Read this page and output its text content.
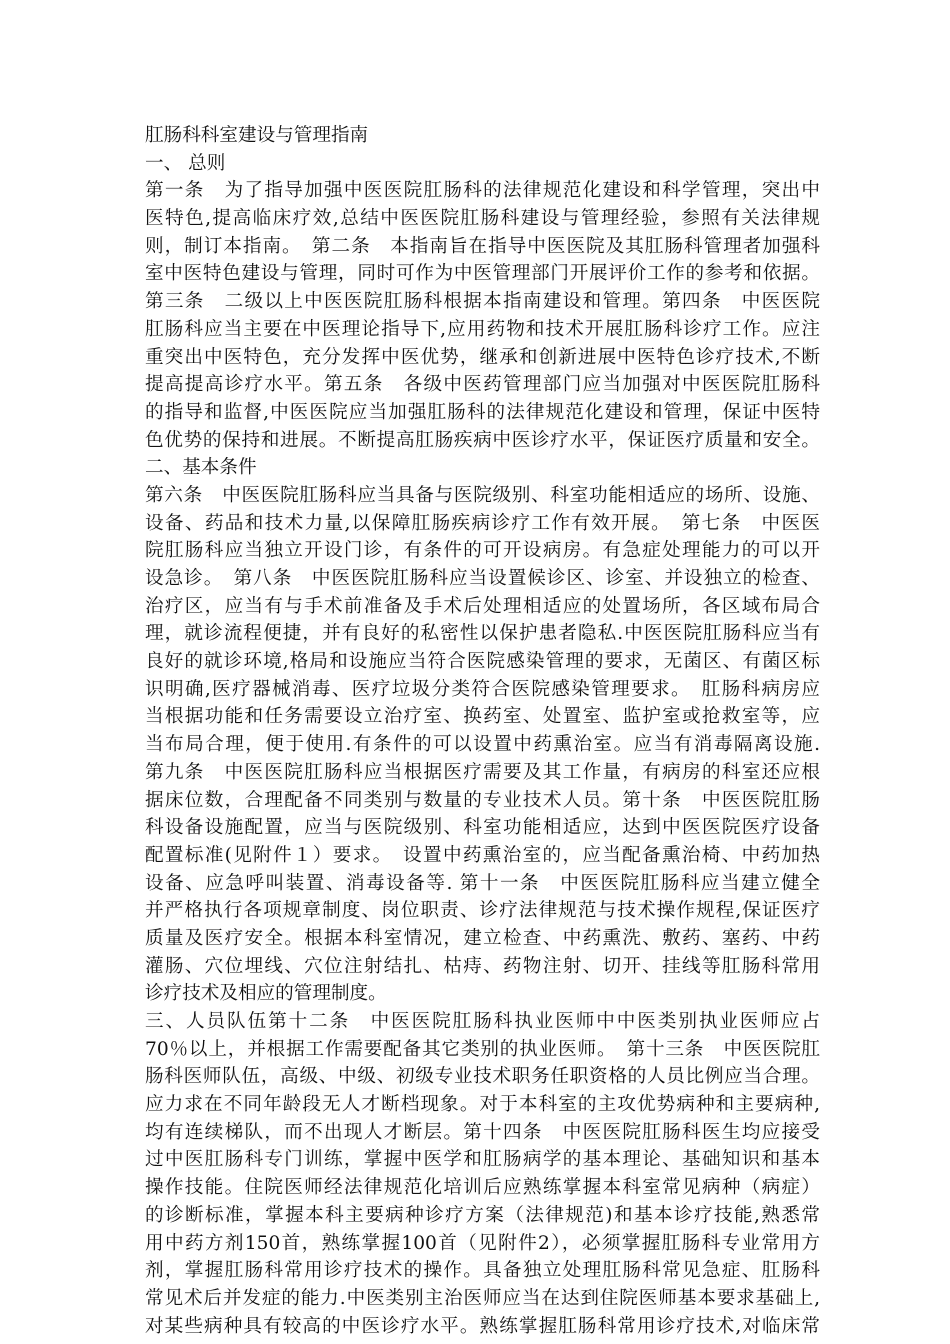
肛肠科科室建设与管理指南
一、 总则
第一条　为了指导加强中医医院肛肠科的法律规范化建设和科学管理，突出中
医特色,提高临床疗效,总结中医医院肛肠科建设与管理经验，参照有关法律规
则，制订本指南。　第二条　本指南旨在指导中医医院及其肛肠科管理者加强科
室中医特色建设与管理，同时可作为中医管理部门开展评价工作的参考和依据。
第三条　二级以上中医医院肛肠科根据本指南建设和管理。第四条　中医医院
肛肠科应当主要在中医理论指导下,应用药物和技术开展肛肠科诊疗工作。应注
重突出中医特色，充分发挥中医优势，继承和创新进展中医特色诊疗技术,不断
提高提高诊疗水平。第五条　各级中医药管理部门应当加强对中医医院肛肠科
的指导和监督,中医医院应当加强肛肠科的法律规范化建设和管理，保证中医特
色优势的保持和进展。不断提高肛肠疾病中医诊疗水平，保证医疗质量和安全。
二、基本条件
第六条　中医医院肛肠科应当具备与医院级别、科室功能相适应的场所、设施、
设备、药品和技术力量,以保障肛肠疾病诊疗工作有效开展。　第七条　中医医
院肛肠科应当独立开设门诊，有条件的可开设病房。有急症处理能力的可以开
设急诊。　第八条　中医医院肛肠科应当设置候诊区、诊室、并设独立的检查、
治疗区，应当有与手术前准备及手术后处理相适应的处置场所，各区域布局合
理，就诊流程便捷，并有良好的私密性以保护患者隐私.中医医院肛肠科应当有
良好的就诊环境,格局和设施应当符合医院感染管理的要求，无菌区、有菌区标
识明确,医疗器械消毒、医疗垃圾分类符合医院感染管理要求。　肛肠科病房应
当根据功能和任务需要设立治疗室、换药室、处置室、监护室或抢救室等，应
当布局合理，便于使用.有条件的可以设置中药熏治室。应当有消毒隔离设施.
第九条　中医医院肛肠科应当根据医疗需要及其工作量，有病房的科室还应根
据床位数，合理配备不同类别与数量的专业技术人员。第十条　中医医院肛肠
科设备设施配置，应当与医院级别、科室功能相适应，达到中医医院医疗设备
配置标准(见附件１）要求。　设置中药熏治室的，应当配备熏治椅、中药加热
设备、应急呼叫装置、消毒设备等. 第十一条　中医医院肛肠科应当建立健全
并严格执行各项规章制度、岗位职责、诊疗法律规范与技术操作规程,保证医疗
质量及医疗安全。根据本科室情况，建立检查、中药熏洗、敷药、塞药、中药
灌肠、穴位埋线、穴位注射结扎、枯痔、药物注射、切开、挂线等肛肠科常用
诊疗技术及相应的管理制度。
三、人员队伍第十二条　中医医院肛肠科执业医师中中医类别执业医师应占
70％以上，并根据工作需要配备其它类别的执业医师。　第十三条　中医医院肛
肠科医师队伍，高级、中级、初级专业技术职务任职资格的人员比例应当合理。
应力求在不同年龄段无人才断档现象。对于本科室的主攻优势病种和主要病种,
均有连续梯队，而不出现人才断层。第十四条　中医医院肛肠科医生均应接受
过中医肛肠科专门训练，掌握中医学和肛肠病学的基本理论、基础知识和基本
操作技能。住院医师经法律规范化培训后应熟练掌握本科室常见病种（病症）
的诊断标准，掌握本科主要病种诊疗方案（法律规范)和基本诊疗技能,熟悉常
用中药方剂150首，熟练掌握100首（见附件2），必须掌握肛肠科专业常用方
剂，掌握肛肠科常用诊疗技术的操作。具备独立处理肛肠科常见急症、肛肠科
常见术后并发症的能力.中医类别主治医师应当在达到住院医师基本要求基础上,
对某些病种具有较高的中医诊疗水平。熟练掌握肛肠科常用诊疗技术,对临床常
